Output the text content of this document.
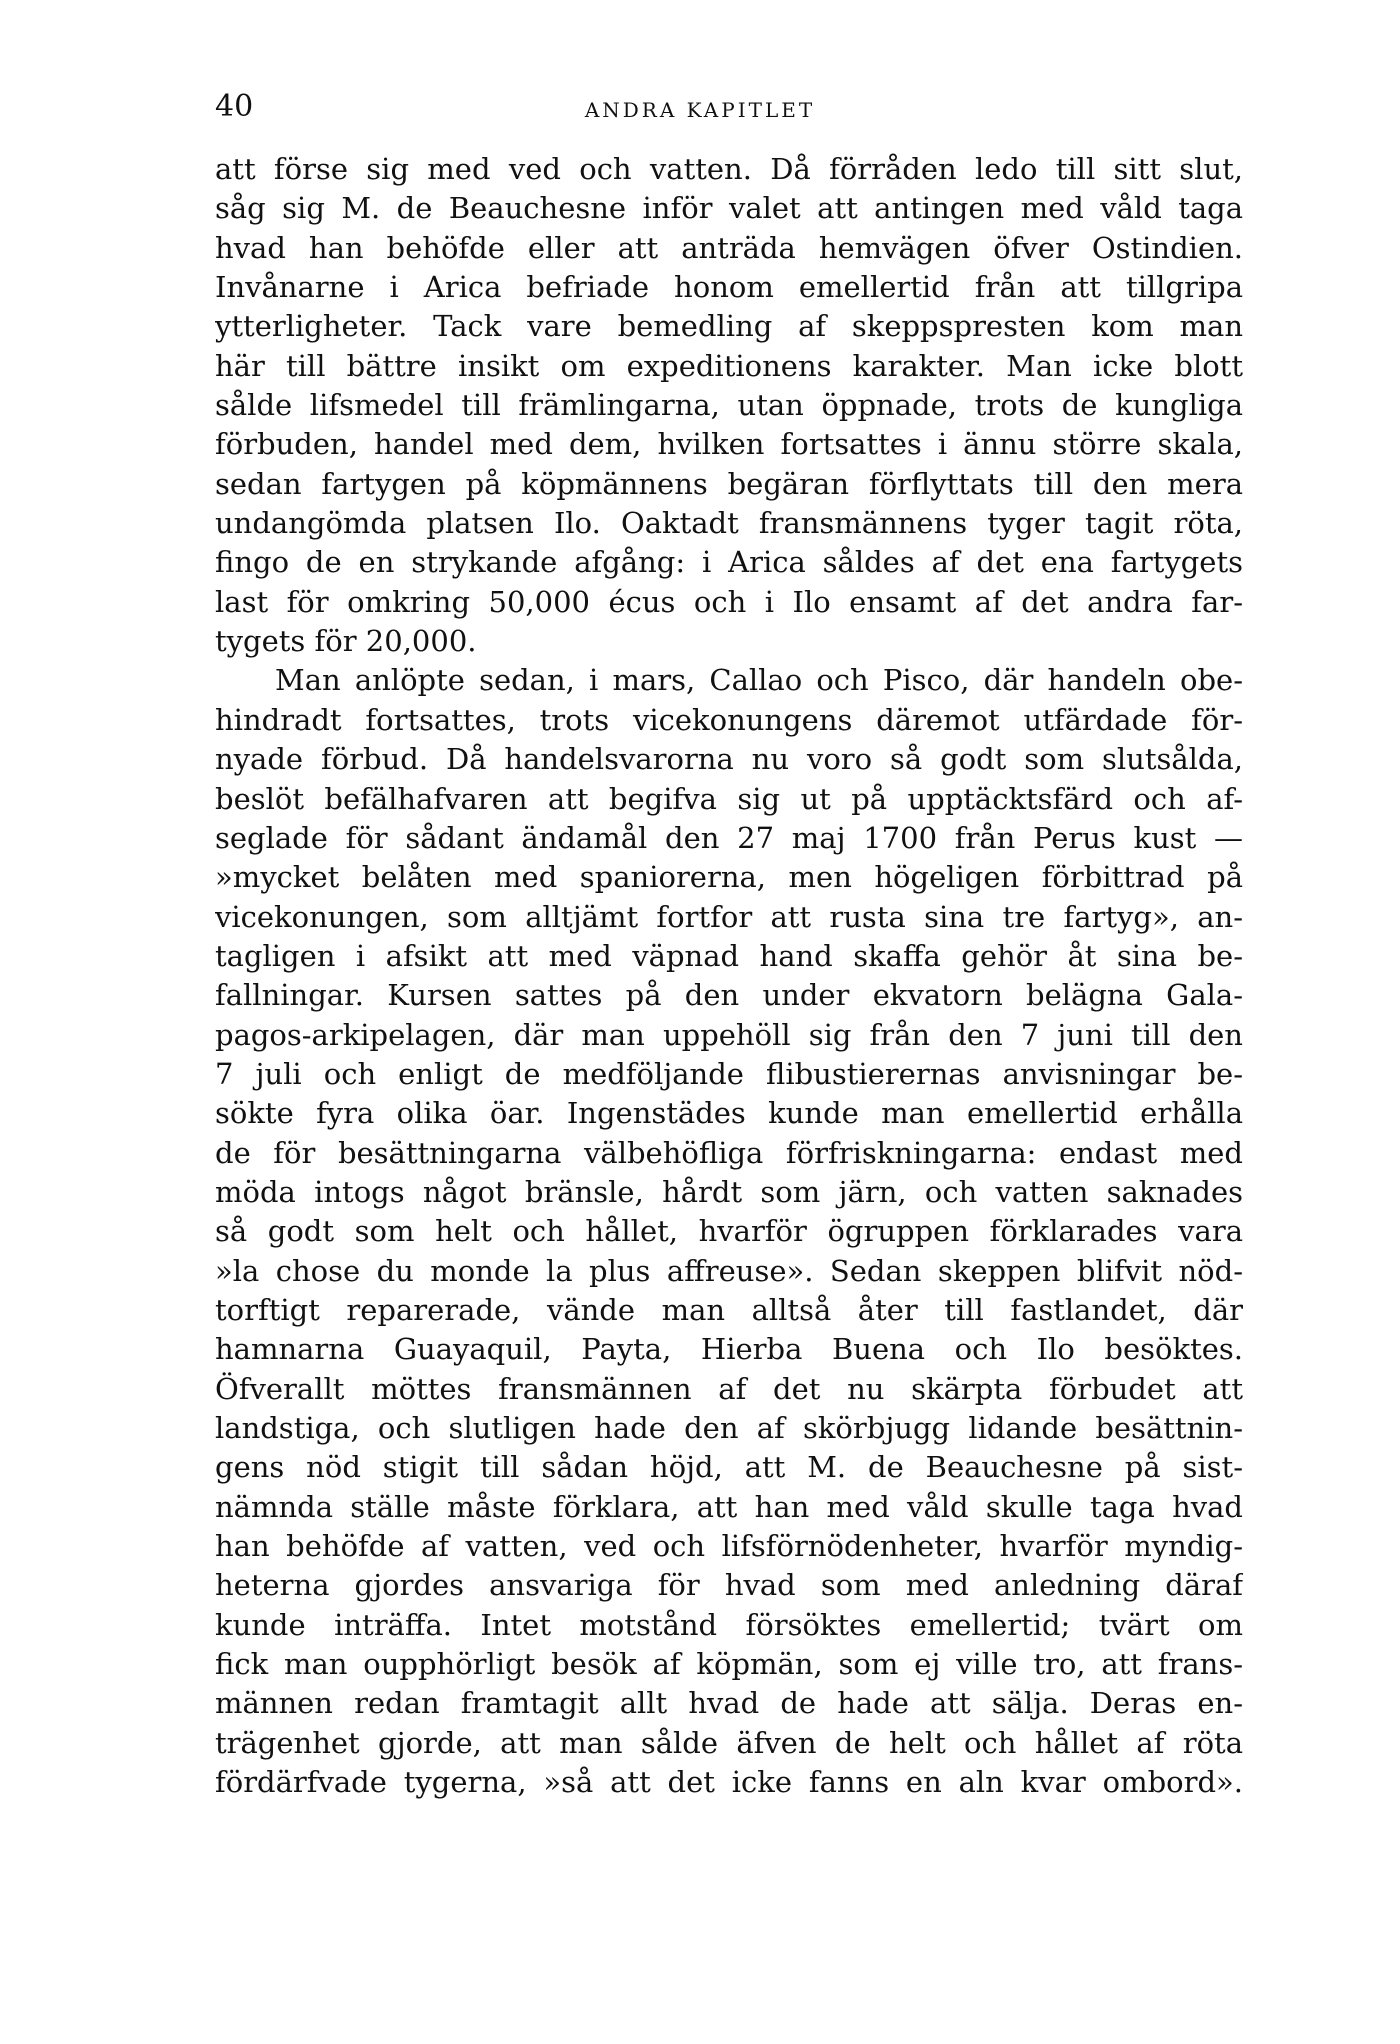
40	ANDRA KAPITLET
att förse sig med ved och vatten. Då förråden ledo till sitt slut,
såg sig M. de Beauchesne inför valet att antingen med våld taga
hvad han behöfde eller att anträda hemvägen öfver Ostindien.
Invånarne i Arica befriade honom emellertid från att tillgripa
ytterligheter. Tack vare bemedling af skeppspresten kom man
här till bättre insikt om expeditionens karakter. Man icke blott
sålde lifsmedel till främlingarna, utan öppnade, trots de kungliga
förbuden, handel med dem, hvilken fortsattes i ännu större skala,
sedan fartygen på köpmännens begäran förflyttats till den mera
undangömda platsen Ilo. Oaktadt fransmännens tyger tagit röta,
fingo de en strykande afgång: i Arica såldes af det ena fartygets
last för omkring 50,000 écus och i Ilo ensamt af det andra far-
tygets för 20,000.
Man anlöpte sedan, i mars, Callao och Pisco, där handeln obe-
hindradt fortsattes, trots vicekonungens däremot utfärdade för-
nyade förbud. Då handelsvarorna nu voro så godt som slutsålda,
beslöt befälhafvaren att begifva sig ut på upptäcktsfärd och af-
seglade för sådant ändamål den 27 maj 1700 från Perus kust —
»mycket belåten med spaniorerna, men högeligen förbittrad på
vicekonungen, som alltjämt fortfor att rusta sina tre fartyg», an-
tagligen i afsikt att med väpnad hand skaffa gehör åt sina be-
fallningar. Kursen sattes på den under ekvatorn belägna Gala-
pagos-arkipelagen, där man uppehöll sig från den 7 juni till den
7 juli och enligt de medföljande flibustierernas anvisningar be-
sökte fyra olika öar. Ingenstädes kunde man emellertid erhålla
de för besättningarna välbehöfliga förfriskningarna: endast med
möda intogs något bränsle, hårdt som järn, och vatten saknades
så godt som helt och hållet, hvarför ögruppen förklarades vara
»la chose du monde la plus affreuse». Sedan skeppen blifvit nöd-
torftigt reparerade, vände man alltså åter till fastlandet, där
hamnarna Guayaquil, Payta, Hierba Buena och Ilo besöktes.
Öfverallt möttes fransmännen af det nu skärpta förbudet att
landstiga, och slutligen hade den af skörbjugg lidande besättnin-
gens nöd stigit till sådan höjd, att M. de Beauchesne på sist-
nämnda ställe måste förklara, att han med våld skulle taga hvad
han behöfde af vatten, ved och lifsförnödenheter, hvarför myndig-
heterna gjordes ansvariga för hvad som med anledning däraf
kunde inträffa. Intet motstånd försöktes emellertid; tvärt om
fick man oupphörligt besök af köpmän, som ej ville tro, att frans-
männen redan framtagit allt hvad de hade att sälja. Deras en-
trägenhet gjorde, att man sålde äfven de helt och hållet af röta
fördärfvade tygerna, »så att det icke fanns en aln kvar ombord».
